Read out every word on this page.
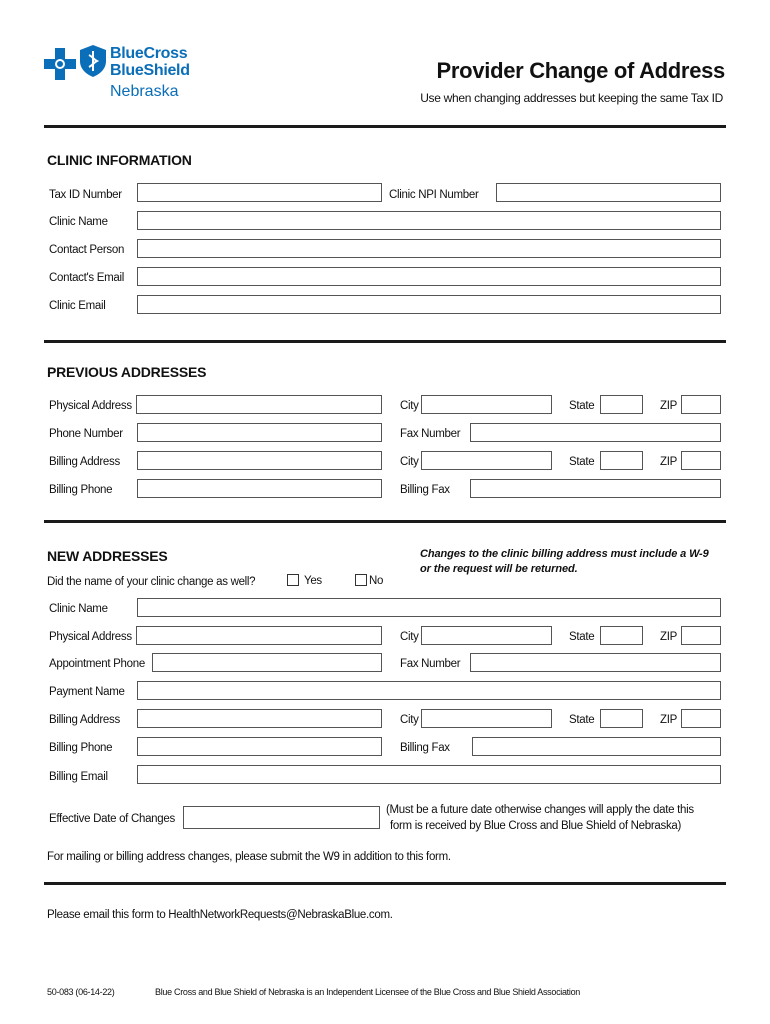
BlueCross
BlueShield
Nebraska
Provider Change of Address
Use when changing addresses but keeping the same Tax ID
CLINIC INFORMATION
Tax ID Number	Clinic NPI Number
Clinic Name
Contact Person
Contact's Email
Clinic Email
PREVIOUS ADDRESSES
Physical Address	City	State	ZIP
Phone Number	Fax Number
Billing Address	City	State	ZIP
Billing Phone	Billing Fax
NEW ADDRESSES	Changes to the clinic billing address must include a W-9 or the request will be returned.
Did the name of your clinic change as well?	Yes	No
Clinic Name
Physical Address	City	State	ZIP
Appointment Phone	Fax Number
Payment Name
Billing Address	City	State	ZIP
Billing Phone	Billing Fax
Billing Email
Effective Date of Changes
(Must be a future date otherwise changes will apply the date this
form is received by Blue Cross and Blue Shield of Nebraska)
For mailing or billing address changes, please submit the W9 in addition to this form.
Please email this form to HealthNetworkRequests@NebraskaBlue.com.
50-083 (06-14-22)	Blue Cross and Blue Shield of Nebraska is an Independent Licensee of the Blue Cross and Blue Shield Association
